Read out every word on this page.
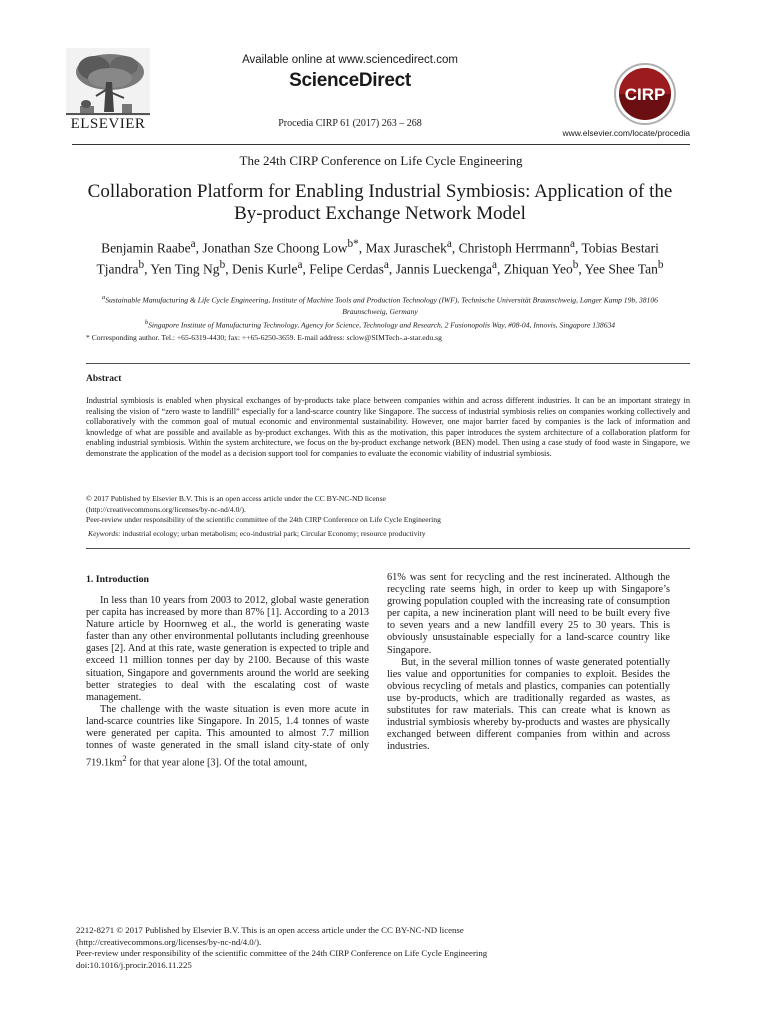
ELSEVIER
Available online at www.sciencedirect.com
ScienceDirect
Procedia CIRP 61 (2017) 263 – 268
CIRP
www.elsevier.com/locate/procedia
The 24th CIRP Conference on Life Cycle Engineering
Collaboration Platform for Enabling Industrial Symbiosis: Application of the By-product Exchange Network Model
Benjamin Raabe$^a$, Jonathan Sze Choong Low$^{b*}$, Max Juraschek$^a$, Christoph Herrmann$^a$, Tobias Bestari Tjandra$^b$, Yen Ting Ng$^b$, Denis Kurle$^a$, Felipe Cerdas$^a$, Jannis Lueckenga$^a$, Zhiquan Yeo$^b$, Yee Shee Tan$^b$
$^a$Sustainable Manufacturing & Life Cycle Engineering, Institute of Machine Tools and Production Technology (IWF), Technische Universität Braunschweig, Langer Kamp 19b, 38106 Braunschweig, Germany
$^b$Singapore Institute of Manufacturing Technology, Agency for Science, Technology and Research, 2 Fusionopolis Way, #08-04, Innovis, Singapore 138634
* Corresponding author. Tel.: +65-6319-4430; fax: ++65-6250-3659. E-mail address: sclow@SIMTech-.a-star.edu.sg
Abstract
Industrial symbiosis is enabled when physical exchanges of by-products take place between companies within and across different industries. It can be an important strategy in realising the vision of “zero waste to landfill” especially for a land-scarce country like Singapore. The success of industrial symbiosis relies on companies working collectively and collaboratively with the common goal of mutual economic and environmental sustainability. However, one major barrier faced by companies is the lack of information and knowledge of what are possible and available as by-product exchanges. With this as the motivation, this paper introduces the system architecture of a collaboration platform for enabling industrial symbiosis. Within the system architecture, we focus on the by-product exchange network (BEN) model. Then using a case study of food waste in Singapore, we demonstrate the application of the model as a decision support tool for companies to evaluate the economic viability of industrial symbiosis.
© 2017 Published by Elsevier B.V. This is an open access article under the CC BY-NC-ND license
(http://creativecommons.org/licenses/by-nc-nd/4.0/).
Peer-review under responsibility of the scientific committee of the 24th CIRP Conference on Life Cycle Engineering
Keywords: industrial ecology; urban metabolism; eco-industrial park; Circular Economy; resource productivity
1. Introduction

In less than 10 years from 2003 to 2012, global waste generation per capita has increased by more than 87% [1]. According to a 2013 Nature article by Hoornweg et al., the world is generating waste faster than any other environmental pollutants including greenhouse gases [2]. And at this rate, waste generation is expected to triple and exceed 11 million tonnes per day by 2100. Because of this waste situation, Singapore and governments around the world are seeking better strategies to deal with the escalating cost of waste management.

The challenge with the waste situation is even more acute in land-scarce countries like Singapore. In 2015, 1.4 tonnes of waste were generated per capita. This amounted to almost 7.7 million tonnes of waste generated in the small island city-state of only $719.1km^2$ for that year alone [3]. Of the total amount,

61% was sent for recycling and the rest incinerated. Although the recycling rate seems high, in order to keep up with Singapore’s growing population coupled with the increasing rate of consumption per capita, a new incineration plant will need to be built every five to seven years and a new landfill every 25 to 30 years. This is obviously unsustainable especially for a land-scarce country like Singapore.

But, in the several million tonnes of waste generated potentially lies value and opportunities for companies to exploit. Besides the obvious recycling of metals and plastics, companies can potentially use by-products, which are traditionally regarded as wastes, as substitutes for raw materials. This can create what is known as industrial symbiosis whereby by-products and wastes are physically exchanged between different companies from within and across industries.

2212-8271 © 2017 Published by Elsevier B.V. This is an open access article under the CC BY-NC-ND license
(http://creativecommons.org/licenses/by-nc-nd/4.0/).
Peer-review under responsibility of the scientific committee of the 24th CIRP Conference on Life Cycle Engineering
doi:10.1016/j.procir.2016.11.225
